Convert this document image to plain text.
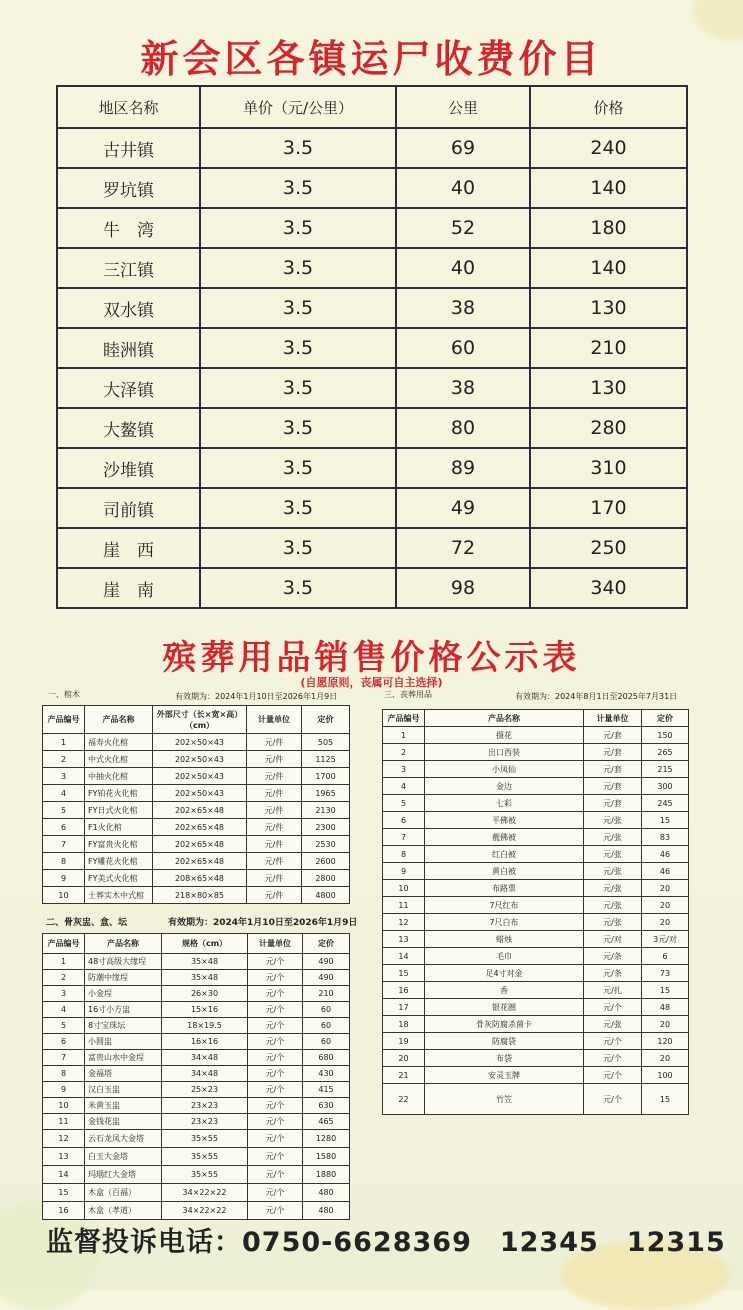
新会区各镇运尸收费价目
地区名称	单价（元/公里）	公里	价格
古井镇	3.5	69	240
罗坑镇	3.5	40	140
牛　湾	3.5	52	180
三江镇	3.5	40	140
双水镇	3.5	38	130
睦洲镇	3.5	60	210
大泽镇	3.5	38	130
大鳌镇	3.5	80	280
沙堆镇	3.5	89	310
司前镇	3.5	49	170
崖　西	3.5	72	250
崖　南	3.5	98	340
殡葬用品销售价格公示表
(自愿原则，丧属可自主选择)
一、棺木	有效期为：2024年1月10日至2026年1月9日
产品编号	产品名称	外部尺寸（长×宽×高）（cm）	计量单位	定价
1	福寿火化棺	202×50×43	元/件	505
2	中式火化棺	202×50×43	元/件	1125
3	中抽火化棺	202×50×43	元/件	1700
4	FY铂花火化棺	202×50×43	元/件	1965
5	FY日式火化棺	202×65×48	元/件	2130
6	F1火化棺	202×65×48	元/件	2300
7	FY富贵火化棺	202×65×48	元/件	2530
8	FY雕花火化棺	202×65×48	元/件	2600
9	FY美式火化棺	208×65×48	元/件	2800
10	土葬实木中式棺	218×80×85	元/件	4800
二、骨灰盅、盒、坛	有效期为：2024年1月10日至2026年1月9日
产品编号	产品名称	规格（cm）	计量单位	定价
1	48寸高级大缘埕	35×48	元/个	490
2	防潮中缘埕	35×48	元/个	490
3	小金埕	26×30	元/个	210
4	16寸小方盅	15×16	元/个	60
5	8寸宝珠坛	18×19.5	元/个	60
6	小圆盅	16×16	元/个	60
7	富贵山水中金埕	34×48	元/个	680
8	金福塔	34×48	元/个	430
9	汉白玉盅	25×23	元/个	415
10	米黄玉盅	23×23	元/个	630
11	金钱花盅	23×23	元/个	465
12	云石龙凤大金塔	35×55	元/个	1280
13	白玉大金塔	35×55	元/个	1580
14	玛瑙红大金塔	35×55	元/个	1880
15	木盒（百福）	34×22×22	元/个	480
16	木盒（孝道）	34×22×22	元/个	480
三、丧葬用品	有效期为：2024年8月1日至2025年7月31日
产品编号	产品名称	计量单位	定价
1	摄花	元/套	150
2	出口西装	元/套	265
3	小凤仙	元/套	215
4	金边	元/套	300
5	七彩	元/套	245
6	平佛被	元/张	15
7	靓佛被	元/张	83
8	红白被	元/张	46
9	黄白被	元/张	46
10	布路票	元/张	20
11	7尺红布	元/张	20
12	7尺白布	元/张	20
13	蜡烛	元/对	3元/对
14	毛巾	元/条	6
15	足4寸对金	元/条	73
16	香	元/扎	15
17	银花圈	元/个	48
18	骨灰防腐杀菌卡	元/张	20
19	防腐袋	元/个	120
20	布袋	元/个	20
21	安灵玉牌	元/个	100
22	竹笠	元/个	15
监督投诉电话：0750-6628369　12345　12315
